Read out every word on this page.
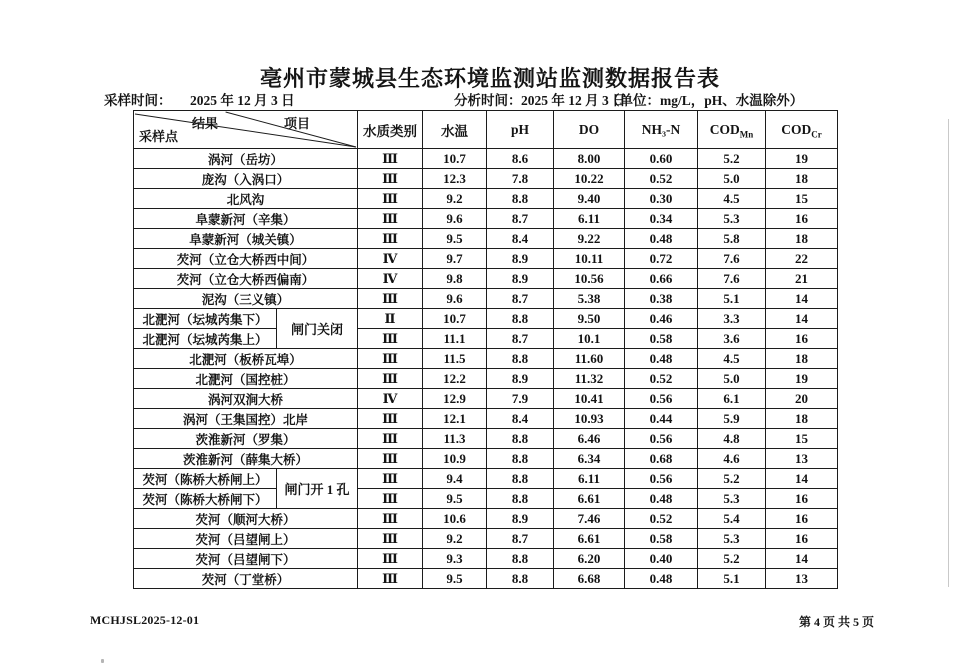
亳州市蒙城县生态环境监测站监测数据报告表
采样时间： 2025 年 12 月 3 日	分析时间： 2025 年 12 月 3 日
（单位：mg/L，pH、水温除外）
结果 项目
采样点		水质类别	水温	pH	DO	NH₃-N	$COD_{Mn}$	$COD_{Cr}$
涡河（岳坊）		Ⅲ	10.7	8.6	8.00	0.60	5.2	19
庞沟（入涡口）		Ⅲ	12.3	7.8	10.22	0.52	5.0	18
北风沟		Ⅲ	9.2	8.8	9.40	0.30	4.5	15
阜蒙新河（辛集）		Ⅲ	9.6	8.7	6.11	0.34	5.3	16
阜蒙新河（城关镇）		Ⅲ	9.5	8.4	9.22	0.48	5.8	18
芡河（立仓大桥西中间）		Ⅳ	9.7	8.9	10.11	0.72	7.6	22
芡河（立仓大桥西偏南）		Ⅳ	9.8	8.9	10.56	0.66	7.6	21
泥沟（三义镇）		Ⅲ	9.6	8.7	5.38	0.38	5.1	14
北淝河（坛城芮集下）	闸门关闭	Ⅱ	10.7	8.8	9.50	0.46	3.3	14
北淝河（坛城芮集上）		Ⅲ	11.1	8.7	10.1	0.58	3.6	16
北淝河（板桥瓦埠）		Ⅲ	11.5	8.8	11.60	0.48	4.5	18
北淝河（国控桩）		Ⅲ	12.2	8.9	11.32	0.52	5.0	19
涡河双涧大桥		Ⅳ	12.9	7.9	10.41	0.56	6.1	20
涡河（王集国控）北岸		Ⅲ	12.1	8.4	10.93	0.44	5.9	18
茨淮新河（罗集）		Ⅲ	11.3	8.8	6.46	0.56	4.8	15
茨淮新河（薛集大桥）		Ⅲ	10.9	8.8	6.34	0.68	4.6	13
芡河（陈桥大桥闸上）	闸门开 1 孔	Ⅲ	9.4	8.8	6.11	0.56	5.2	14
芡河（陈桥大桥闸下）		Ⅲ	9.5	8.8	6.61	0.48	5.3	16
芡河（顺河大桥）		Ⅲ	10.6	8.9	7.46	0.52	5.4	16
芡河（吕望闸上）		Ⅲ	9.2	8.7	6.61	0.58	5.3	16
芡河（吕望闸下）		Ⅲ	9.3	8.8	6.20	0.40	5.2	14
芡河（丁堂桥）		Ⅲ	9.5	8.8	6.68	0.48	5.1	13
MCHJSL2025-12-01	第 4 页 共 5 页
